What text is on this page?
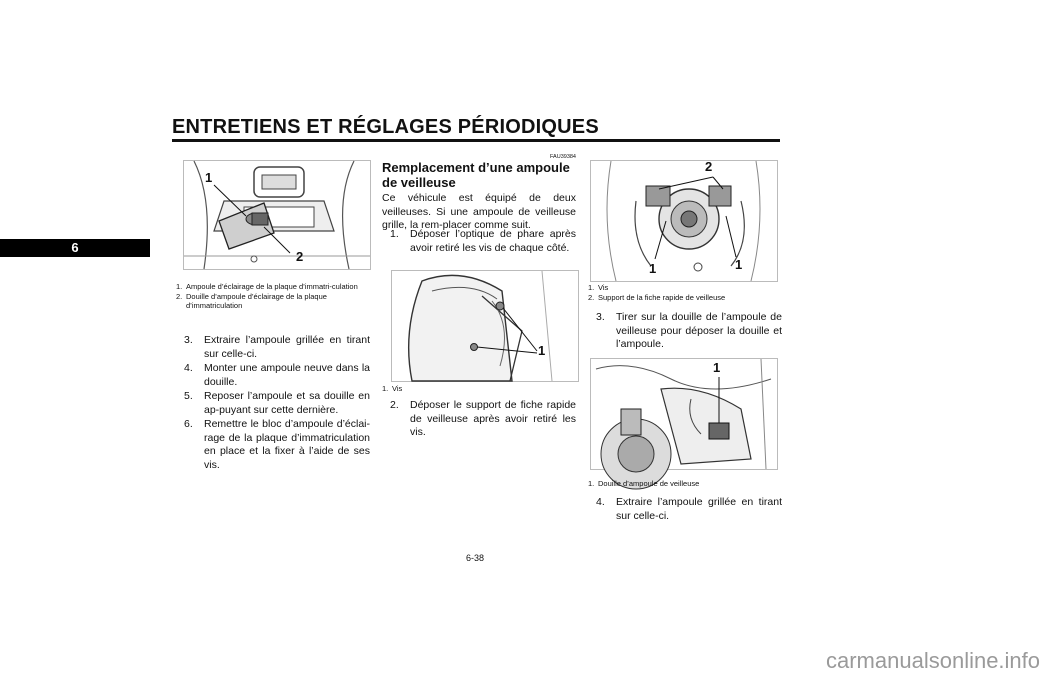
ENTRETIENS ET RÉGLAGES PÉRIODIQUES
6
1
2
1. Ampoule d’éclairage de la plaque d’immatri-culation
2. Douille d’ampoule d’éclairage de la plaque d’immatriculation
3.	Extraire l’ampoule grillée en tirant sur celle-ci.
4.	Monter une ampoule neuve dans la douille.
5.	Reposer l’ampoule et sa douille en ap-puyant sur cette dernière.
6.	Remettre le bloc d’ampoule d’éclai-rage de la plaque d’immatriculation en place et la fixer à l’aide de ses vis.
FAU39384
Remplacement d’une ampoule de veilleuse
Ce véhicule est équipé de deux veilleuses. Si une ampoule de veilleuse grille, la rem-placer comme suit.
1.	Déposer l’optique de phare après avoir retiré les vis de chaque côté.
1
1. Vis
2.	Déposer le support de fiche rapide de veilleuse après avoir retiré les vis.
2
1	1
1. Vis
2. Support de la fiche rapide de veilleuse
3.	Tirer sur la douille de l’ampoule de veilleuse pour déposer la douille et l’ampoule.
1
1. Douille d’ampoule de veilleuse
4.	Extraire l’ampoule grillée en tirant sur celle-ci.
6-38
carmanualsonline.info
